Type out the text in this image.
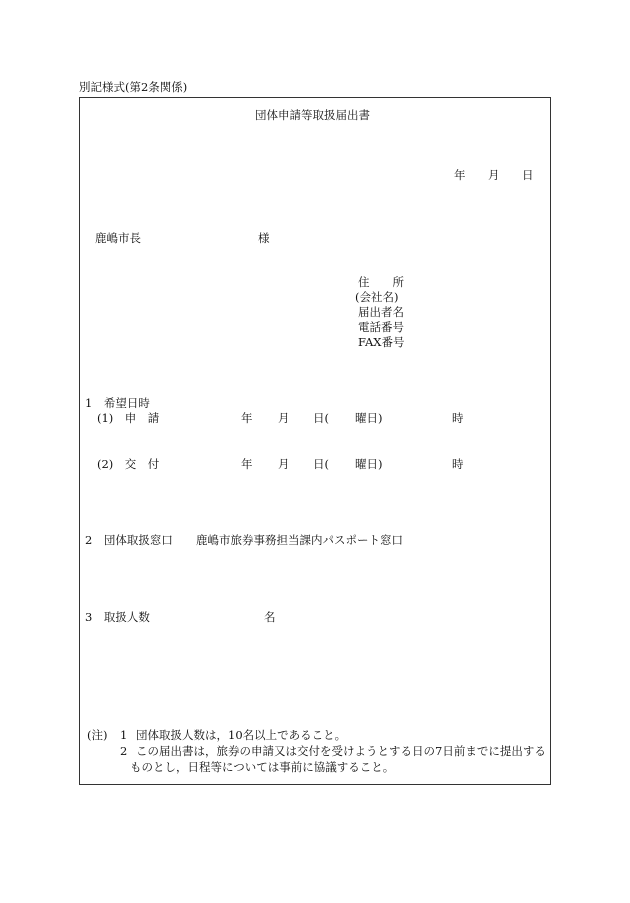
別記様式(第2条関係)
団体申請等取扱届出書
年 月 日
鹿嶋市長	様
住　　所
(会社名)
届出者名
電話番号
FAX番号
1　希望日時
(1)　申　請	年 月 日( 曜日)	時
(2)　交　付	年 月 日( 曜日)	時
2　団体取扱窓口 鹿嶋市旅券事務担当課内パスポート窓口
3　取扱人数	名
(注) 1 団体取扱人数は，10名以上であること。
2 この届出書は，旅券の申請又は交付を受けようとする日の7日前までに提出する
ものとし，日程等については事前に協議すること。
